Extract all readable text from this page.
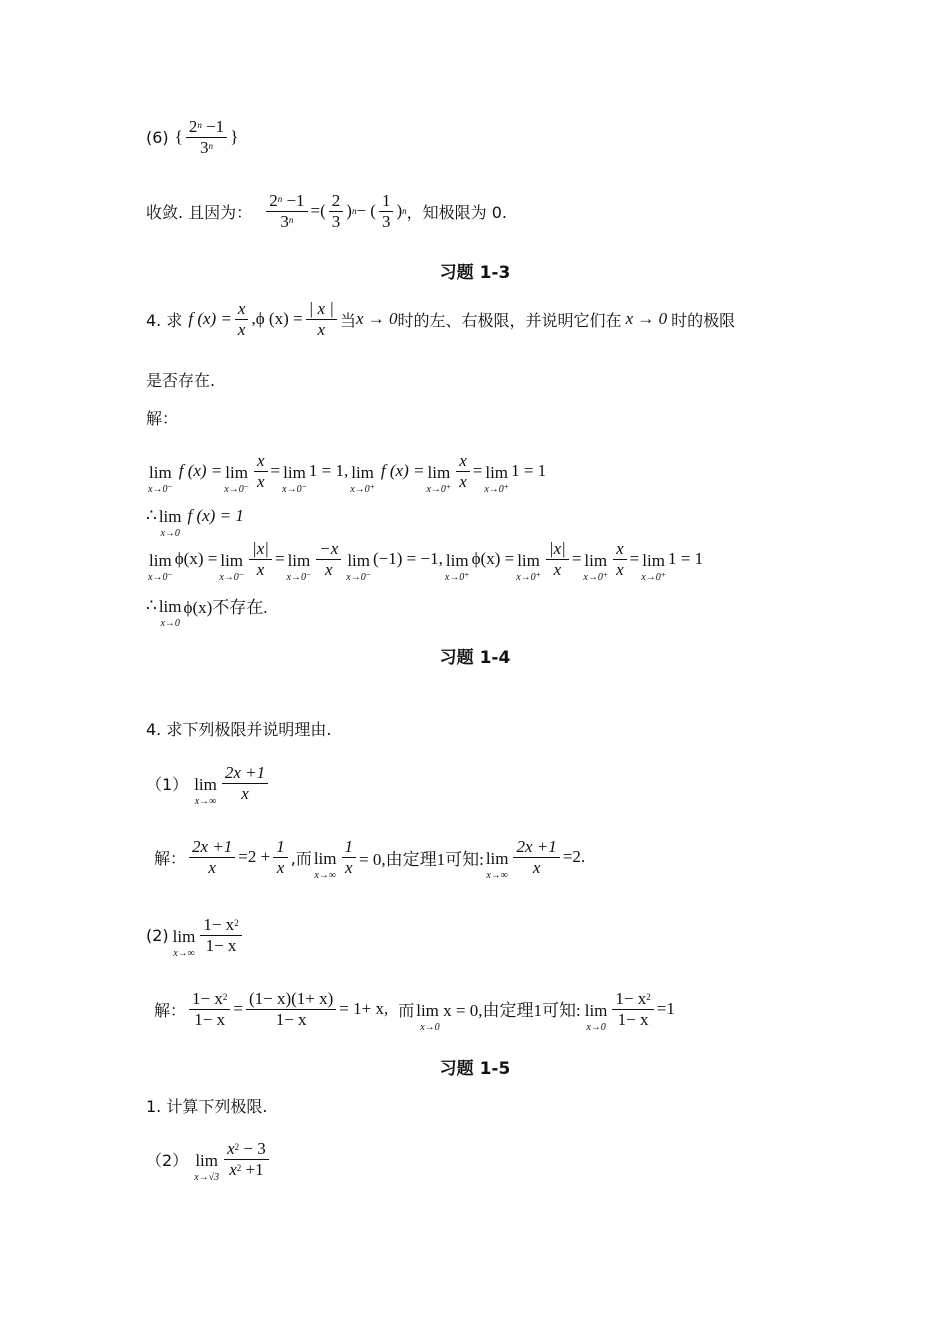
(6) { $\frac{2^n -1}{3^n}$ }
收敛. 且因为： $\frac{2^n -1}{3^n}$ =( $\frac{2}{3}$ ) n − ( $\frac{1}{3}$ ) n ，知极限为 0.
习题 1-3
4. 求 f $(x) = \frac{x}{x} ,\phi$ $(x) = \frac{| x |}{x}$ 当 x → 0 时的左、右极限，并说明它们在 x → 0 时的极限
是否存在.
解：
lim
x→0⁻
f (x) = lim
$x\to 0^- \frac{x}{x} = \lim$
x→0⁻
1 = 1, lim
x→0⁺
f (x) = lim
$x\to 0^+ \frac{x}{x} = \lim$
x→0⁺
1 = 1
∴ lim
x→0
f (x) = 1
lim
x→0⁻
ϕ(x) = lim
$x\to 0^- \frac{|x|}{x} = \lim$
$x\to 0^- \frac{-x}{x}$ lim
x→0⁻
(−1) = −1, lim
x→0⁺
ϕ(x) = lim
$x\to 0^+ \frac{|x|}{x} = \lim$
$x\to 0^+ \frac{x}{x} = \lim$
x→0⁺
1 = 1
∴ lim
x→0
ϕ(x)不存在.
习题 1-4
4. 求下列极限并说明理由.
（1） lim
$x\to\infty \frac{2x +1}{x}$
解： $\frac{2x +1}{x} =2 + \frac{1}{x}$ ,而 lim
$x\to\infty \frac{1}{x} = 0$,由定理1可知: lim
$x\to\infty \frac{2x +1}{x} =2$.
(2) lim
$x\to\infty \frac{1- x^2}{1- x}$
解： $\frac{1- x^2}{1- x} = \frac{(1- x)(1+ x)}{1- x} = 1+ x$, 而 lim x = 0,由定理1可知:
x→0
lim
$x\to 0 \frac{1- x^2}{1- x} =1$
习题 1-5
1. 计算下列极限.
（2） lim
$x\to√3 \frac{x^2 - 3}{x^2 +1}$
